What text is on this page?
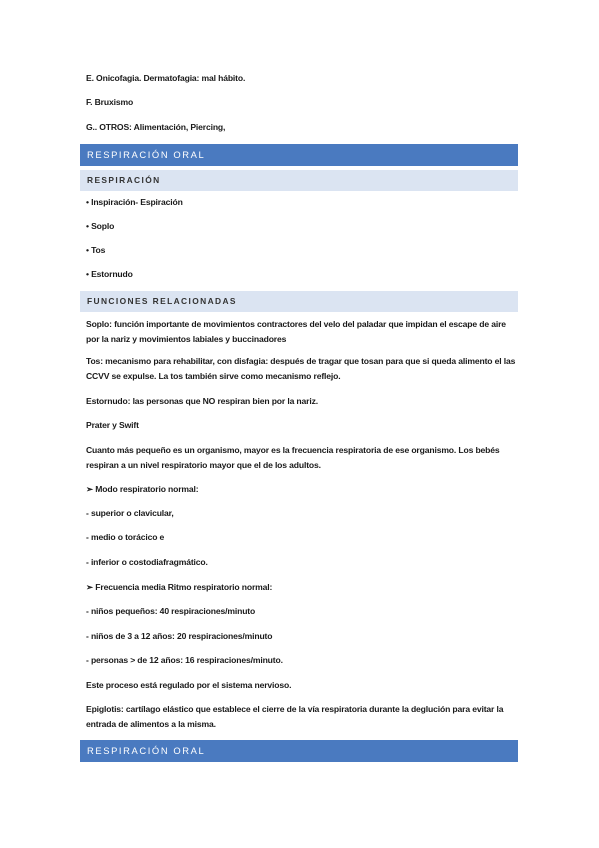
E. Onicofagia. Dermatofagia: mal hábito.
F. Bruxismo
G.. OTROS: Alimentación, Piercing,
RESPIRACIÓN ORAL
RESPIRACIÓN
• Inspiración- Espiración
• Soplo
• Tos
• Estornudo
FUNCIONES RELACIONADAS
Soplo: función importante de movimientos contractores del velo del paladar que impidan el escape de aire por la nariz y movimientos labiales y buccinadores
Tos: mecanismo para rehabilitar, con disfagia: después de tragar que tosan para que si queda alimento el las CCVV se expulse. La tos también sirve como mecanismo reflejo.
Estornudo: las personas que NO respiran bien por la nariz.
Prater y Swift
Cuanto más pequeño es un organismo, mayor es la frecuencia respiratoria de ese organismo. Los bebés respiran a un nivel respiratorio mayor que el de los adultos.
➢ Modo respiratorio normal:
- superior o clavicular,
- medio o torácico e
- inferior o costodiafragmático.
➢ Frecuencia media Ritmo respiratorio normal:
- niños pequeños: 40 respiraciones/minuto
- niños de 3 a 12 años: 20 respiraciones/minuto
- personas > de 12 años: 16 respiraciones/minuto.
Este proceso está regulado por el sistema nervioso.
Epiglotis: cartílago elástico que establece el cierre de la vía respiratoria durante la deglución para evitar la entrada de alimentos a la misma.
RESPIRACIÓN ORAL
